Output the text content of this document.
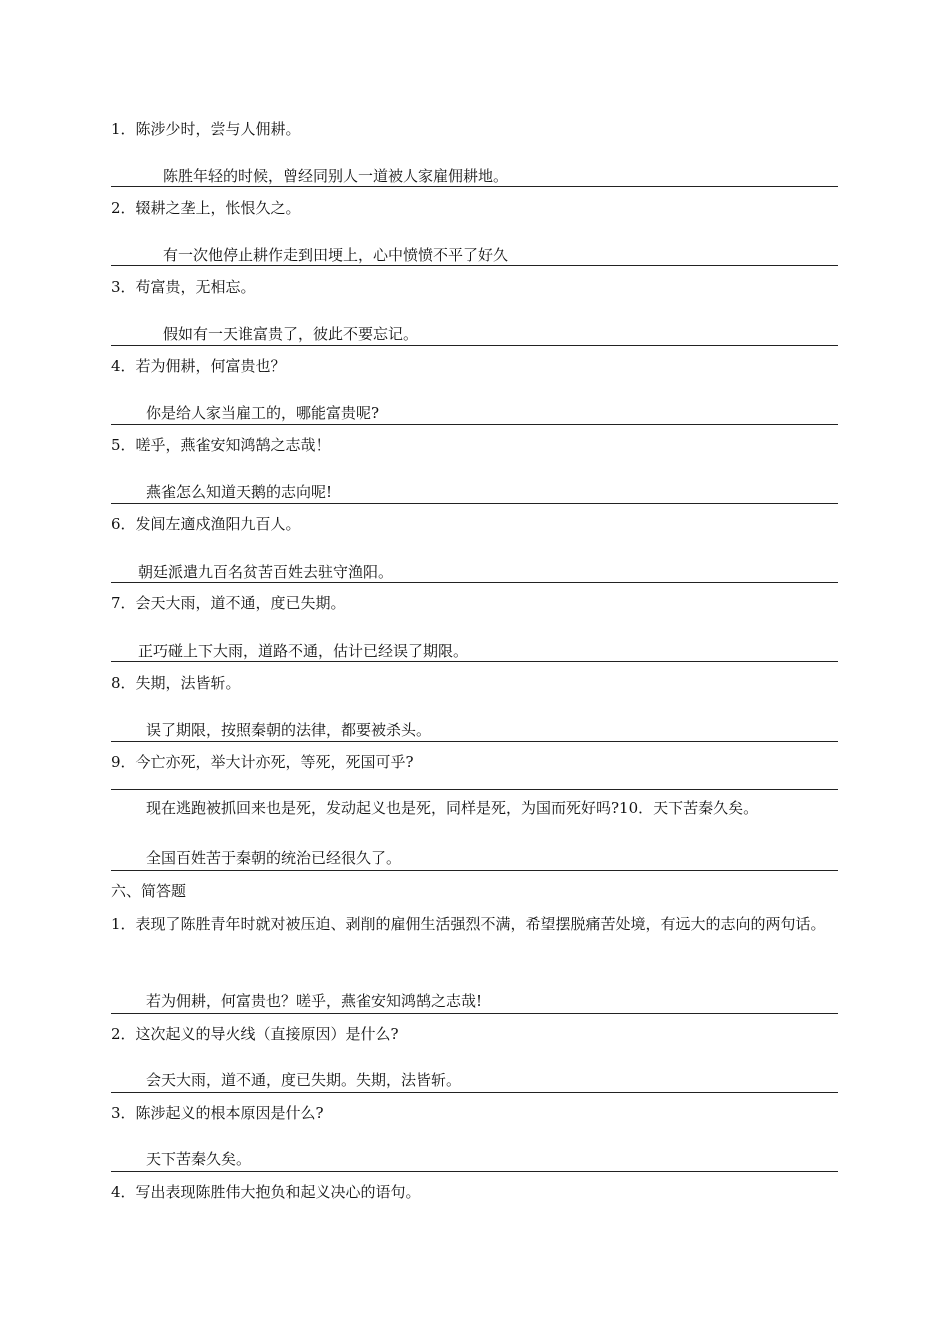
1．陈涉少时，尝与人佣耕。
陈胜年轻的时候，曾经同别人一道被人家雇佣耕地。
2．辍耕之垄上，怅恨久之。
有一次他停止耕作走到田埂上，心中愤愤不平了好久
3．苟富贵，无相忘。
假如有一天谁富贵了，彼此不要忘记。
4．若为佣耕，何富贵也？
你是给人家当雇工的，哪能富贵呢?
5．嗟乎，燕雀安知鸿鹄之志哉！
燕雀怎么知道天鹅的志向呢!
6．发闾左適戍渔阳九百人。
朝廷派遣九百名贫苦百姓去驻守渔阳。
7．会天大雨，道不通，度已失期。
正巧碰上下大雨，道路不通，估计已经误了期限。
8．失期，法皆斩。
误了期限，按照秦朝的法律，都要被杀头。
9．今亡亦死，举大计亦死，等死，死国可乎?
现在逃跑被抓回来也是死，发动起义也是死，同样是死，为国而死好吗?10．天下苦秦久矣。
全国百姓苦于秦朝的统治已经很久了。
六、简答题
1．表现了陈胜青年时就对被压迫、剥削的雇佣生活强烈不满，希望摆脱痛苦处境，有远大的志向的两句话。
若为佣耕，何富贵也？嗟乎，燕雀安知鸿鹄之志哉!
2．这次起义的导火线（直接原因）是什么?
会天大雨，道不通，度已失期。失期，法皆斩。
3．陈涉起义的根本原因是什么?
天下苦秦久矣。
4．写出表现陈胜伟大抱负和起义决心的语句。
